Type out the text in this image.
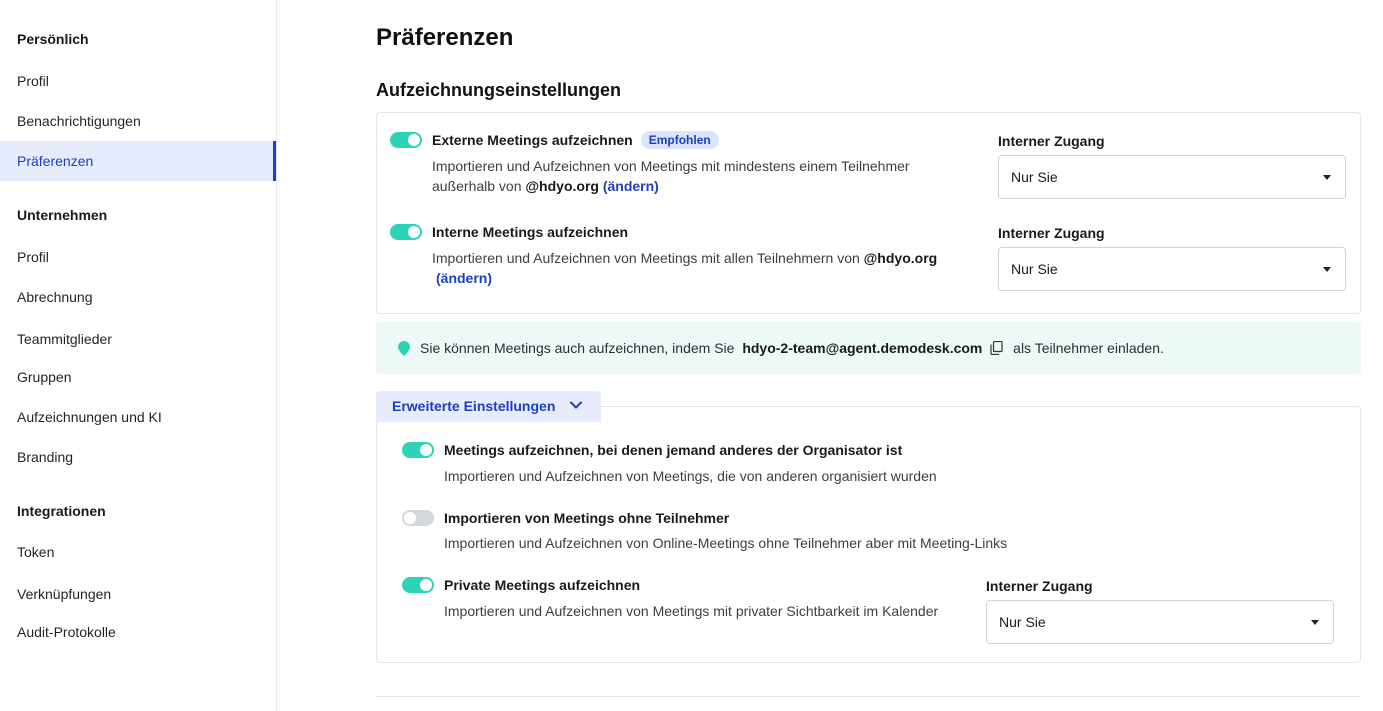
Persönlich
Profil
Benachrichtigungen
Präferenzen
Unternehmen
Profil
Abrechnung
Teammitglieder
Gruppen
Aufzeichnungen und KI
Branding
Integrationen
Token
Verknüpfungen
Audit-Protokolle
Präferenzen
Aufzeichnungseinstellungen
Externe Meetings aufzeichnen Empfohlen
Importieren und Aufzeichnen von Meetings mit mindestens einem Teilnehmer
außerhalb von @hdyo.org (ändern)
Interner Zugang
Nur Sie
Interne Meetings aufzeichnen
Importieren und Aufzeichnen von Meetings mit allen Teilnehmern von @hdyo.org
(ändern)
Interner Zugang
Nur Sie
Sie können Meetings auch aufzeichnen, indem Sie hdyo-2-team@agent.demodesk.com als Teilnehmer einladen.
Meetings aufzeichnen, bei denen jemand anderes der Organisator ist
Importieren und Aufzeichnen von Meetings, die von anderen organisiert wurden
Importieren von Meetings ohne Teilnehmer
Importieren und Aufzeichnen von Online-Meetings ohne Teilnehmer aber mit Meeting-Links
Private Meetings aufzeichnen
Importieren und Aufzeichnen von Meetings mit privater Sichtbarkeit im Kalender
Interner Zugang
Nur Sie
Erweiterte Einstellungen
